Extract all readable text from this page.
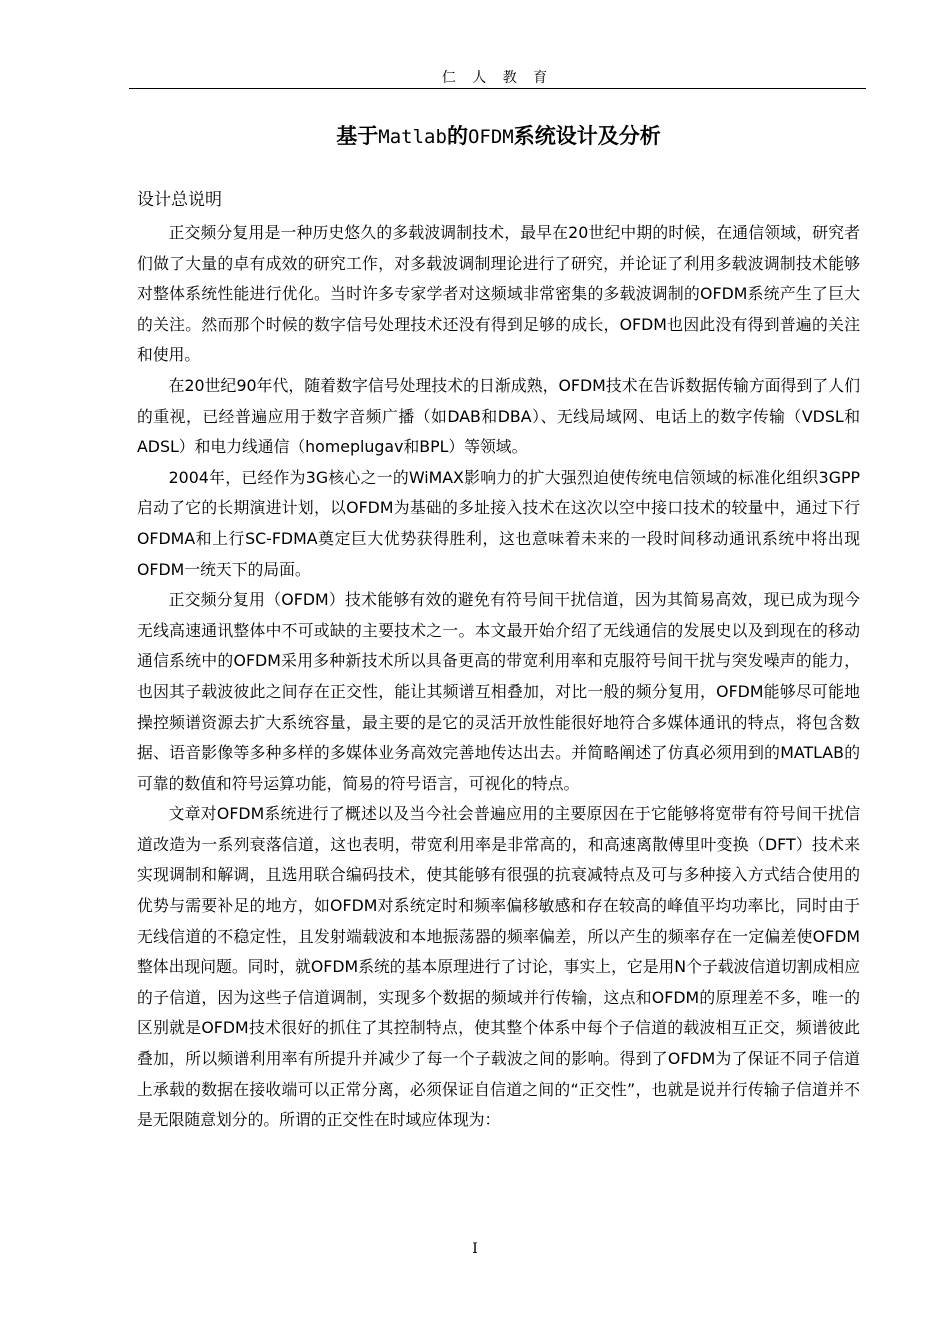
仁 人 教 育
基于Matlab的OFDM系统设计及分析
设计总说明

正交频分复用是一种历史悠久的多载波调制技术，最早在20世纪中期的时候，在通信领域，研究者们做了大量的卓有成效的研究工作，对多载波调制理论进行了研究，并论证了利用多载波调制技术能够对整体系统性能进行优化。当时许多专家学者对这频域非常密集的多载波调制的OFDM系统产生了巨大的关注。然而那个时候的数字信号处理技术还没有得到足够的成长，OFDM也因此没有得到普遍的关注和使用。

在20世纪90年代，随着数字信号处理技术的日渐成熟，OFDM技术在告诉数据传输方面得到了人们的重视，已经普遍应用于数字音频广播（如DAB和DBA）、无线局域网、电话上的数字传输（VDSL和ADSL）和电力线通信（homeplugav和BPL）等领域。

2004年，已经作为3G核心之一的WiMAX影响力的扩大强烈迫使传统电信领域的标准化组织3GPP启动了它的长期演进计划，以OFDM为基础的多址接入技术在这次以空中接口技术的较量中，通过下行OFDMA和上行SC-FDMA奠定巨大优势获得胜利，这也意味着未来的一段时间移动通讯系统中将出现OFDM一统天下的局面。

正交频分复用（OFDM）技术能够有效的避免有符号间干扰信道，因为其简易高效，现已成为现今无线高速通讯整体中不可或缺的主要技术之一。本文最开始介绍了无线通信的发展史以及到现在的移动通信系统中的OFDM采用多种新技术所以具备更高的带宽利用率和克服符号间干扰与突发噪声的能力，也因其子载波彼此之间存在正交性，能让其频谱互相叠加，对比一般的频分复用，OFDM能够尽可能地操控频谱资源去扩大系统容量，最主要的是它的灵活开放性能很好地符合多媒体通讯的特点，将包含数据、语音影像等多种多样的多媒体业务高效完善地传达出去。并简略阐述了仿真必须用到的MATLAB的可靠的数值和符号运算功能，简易的符号语言，可视化的特点。

文章对OFDM系统进行了概述以及当今社会普遍应用的主要原因在于它能够将宽带有符号间干扰信道改造为一系列衰落信道，这也表明，带宽利用率是非常高的，和高速离散傅里叶变换（DFT）技术来实现调制和解调，且选用联合编码技术，使其能够有很强的抗衰减特点及可与多种接入方式结合使用的优势与需要补足的地方，如OFDM对系统定时和频率偏移敏感和存在较高的峰值平均功率比，同时由于无线信道的不稳定性，且发射端载波和本地振荡器的频率偏差，所以产生的频率存在一定偏差使OFDM整体出现问题。同时，就OFDM系统的基本原理进行了讨论，事实上，它是用N个子载波信道切割成相应的子信道，因为这些子信道调制，实现多个数据的频域并行传输，这点和OFDM的原理差不多，唯一的区别就是OFDM技术很好的抓住了其控制特点，使其整个体系中每个子信道的载波相互正交，频谱彼此叠加，所以频谱利用率有所提升并减少了每一个子载波之间的影响。得到了OFDM为了保证不同子信道上承载的数据在接收端可以正常分离，必须保证自信道之间的“正交性”，也就是说并行传输子信道并不是无限随意划分的。所谓的正交性在时域应体现为：

I
